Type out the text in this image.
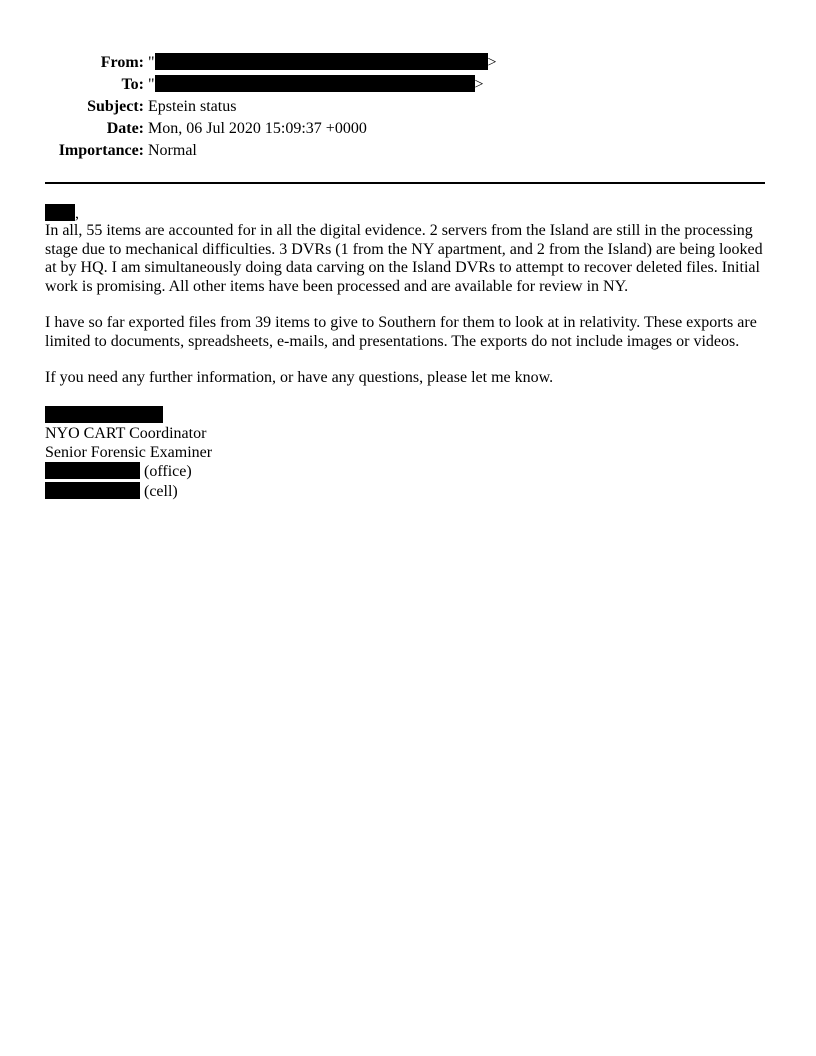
From: "	>
To: "	>
Subject: Epstein status
Date: Mon, 06 Jul 2020 15:09:37 +0000
Importance: Normal
,

In all, 55 items are accounted for in all the digital evidence. 2 servers from the Island are still in the processing stage due to mechanical difficulties. 3 DVRs (1 from the NY apartment, and 2 from the Island) are being looked at by HQ. I am simultaneously doing data carving on the Island DVRs to attempt to recover deleted files. Initial work is promising. All other items have been processed and are available for review in NY.

I have so far exported files from 39 items to give to Southern for them to look at in relativity. These exports are limited to documents, spreadsheets, e-mails, and presentations. The exports do not include images or videos.

If you need any further information, or have any questions, please let me know.

NYO CART Coordinator
Senior Forensic Examiner
(office)
(cell)
